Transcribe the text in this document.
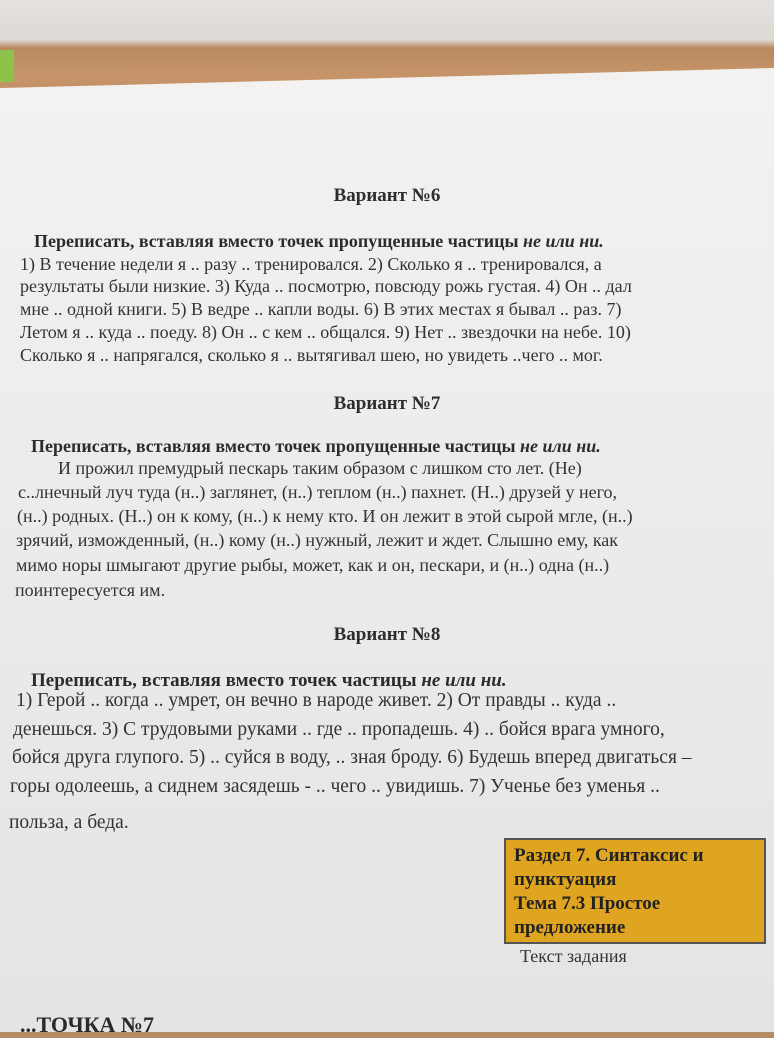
Вариант №6
Переписать, вставляя вместо точек пропущенные частицы не или ни.
1) В течение недели я .. разу .. тренировался. 2) Сколько я .. тренировался, а
результаты были низкие. 3) Куда .. посмотрю, повсюду рожь густая. 4) Он .. дал
мне .. одной книги. 5) В ведре .. капли воды. 6) В этих местах я бывал .. раз. 7)
Летом я .. куда .. поеду. 8) Он .. с кем .. общался. 9) Нет .. звездочки на небе. 10)
Сколько я .. напрягался, сколько я .. вытягивал шею, но увидеть ..чего .. мог.
Вариант №7
Переписать, вставляя вместо точек пропущенные частицы не или ни.
И прожил премудрый пескарь таким образом с лишком сто лет. (Не)
с..лнечный луч туда (н..) заглянет, (н..) теплом (н..) пахнет. (Н..) друзей у него,
(н..) родных. (Н..) он к кому, (н..) к нему кто. И он лежит в этой сырой мгле, (н..)
зрячий, изможденный, (н..) кому (н..) нужный, лежит и ждет. Слышно ему, как
мимо норы шмыгают другие рыбы, может, как и он, пескари, и (н..) одна (н..)
поинтересуется им.
Вариант №8
Переписать, вставляя вместо точек частицы не или ни.
1) Герой .. когда .. умрет, он вечно в народе живет. 2) От правды .. куда ..
денешься. 3) С трудовыми руками .. где .. пропадешь. 4) .. бойся врага умного,
бойся друга глупого. 5) .. суйся в воду, .. зная броду. 6) Будешь вперед двигаться –
горы одолеешь, а сиднем засядешь - .. чего .. увидишь. 7) Ученье без уменья ..
польза, а беда.
Раздел 7. Синтаксис и
пунктуация
Тема 7.3 Простое
предложение
Текст задания
...ТОЧКА №7
